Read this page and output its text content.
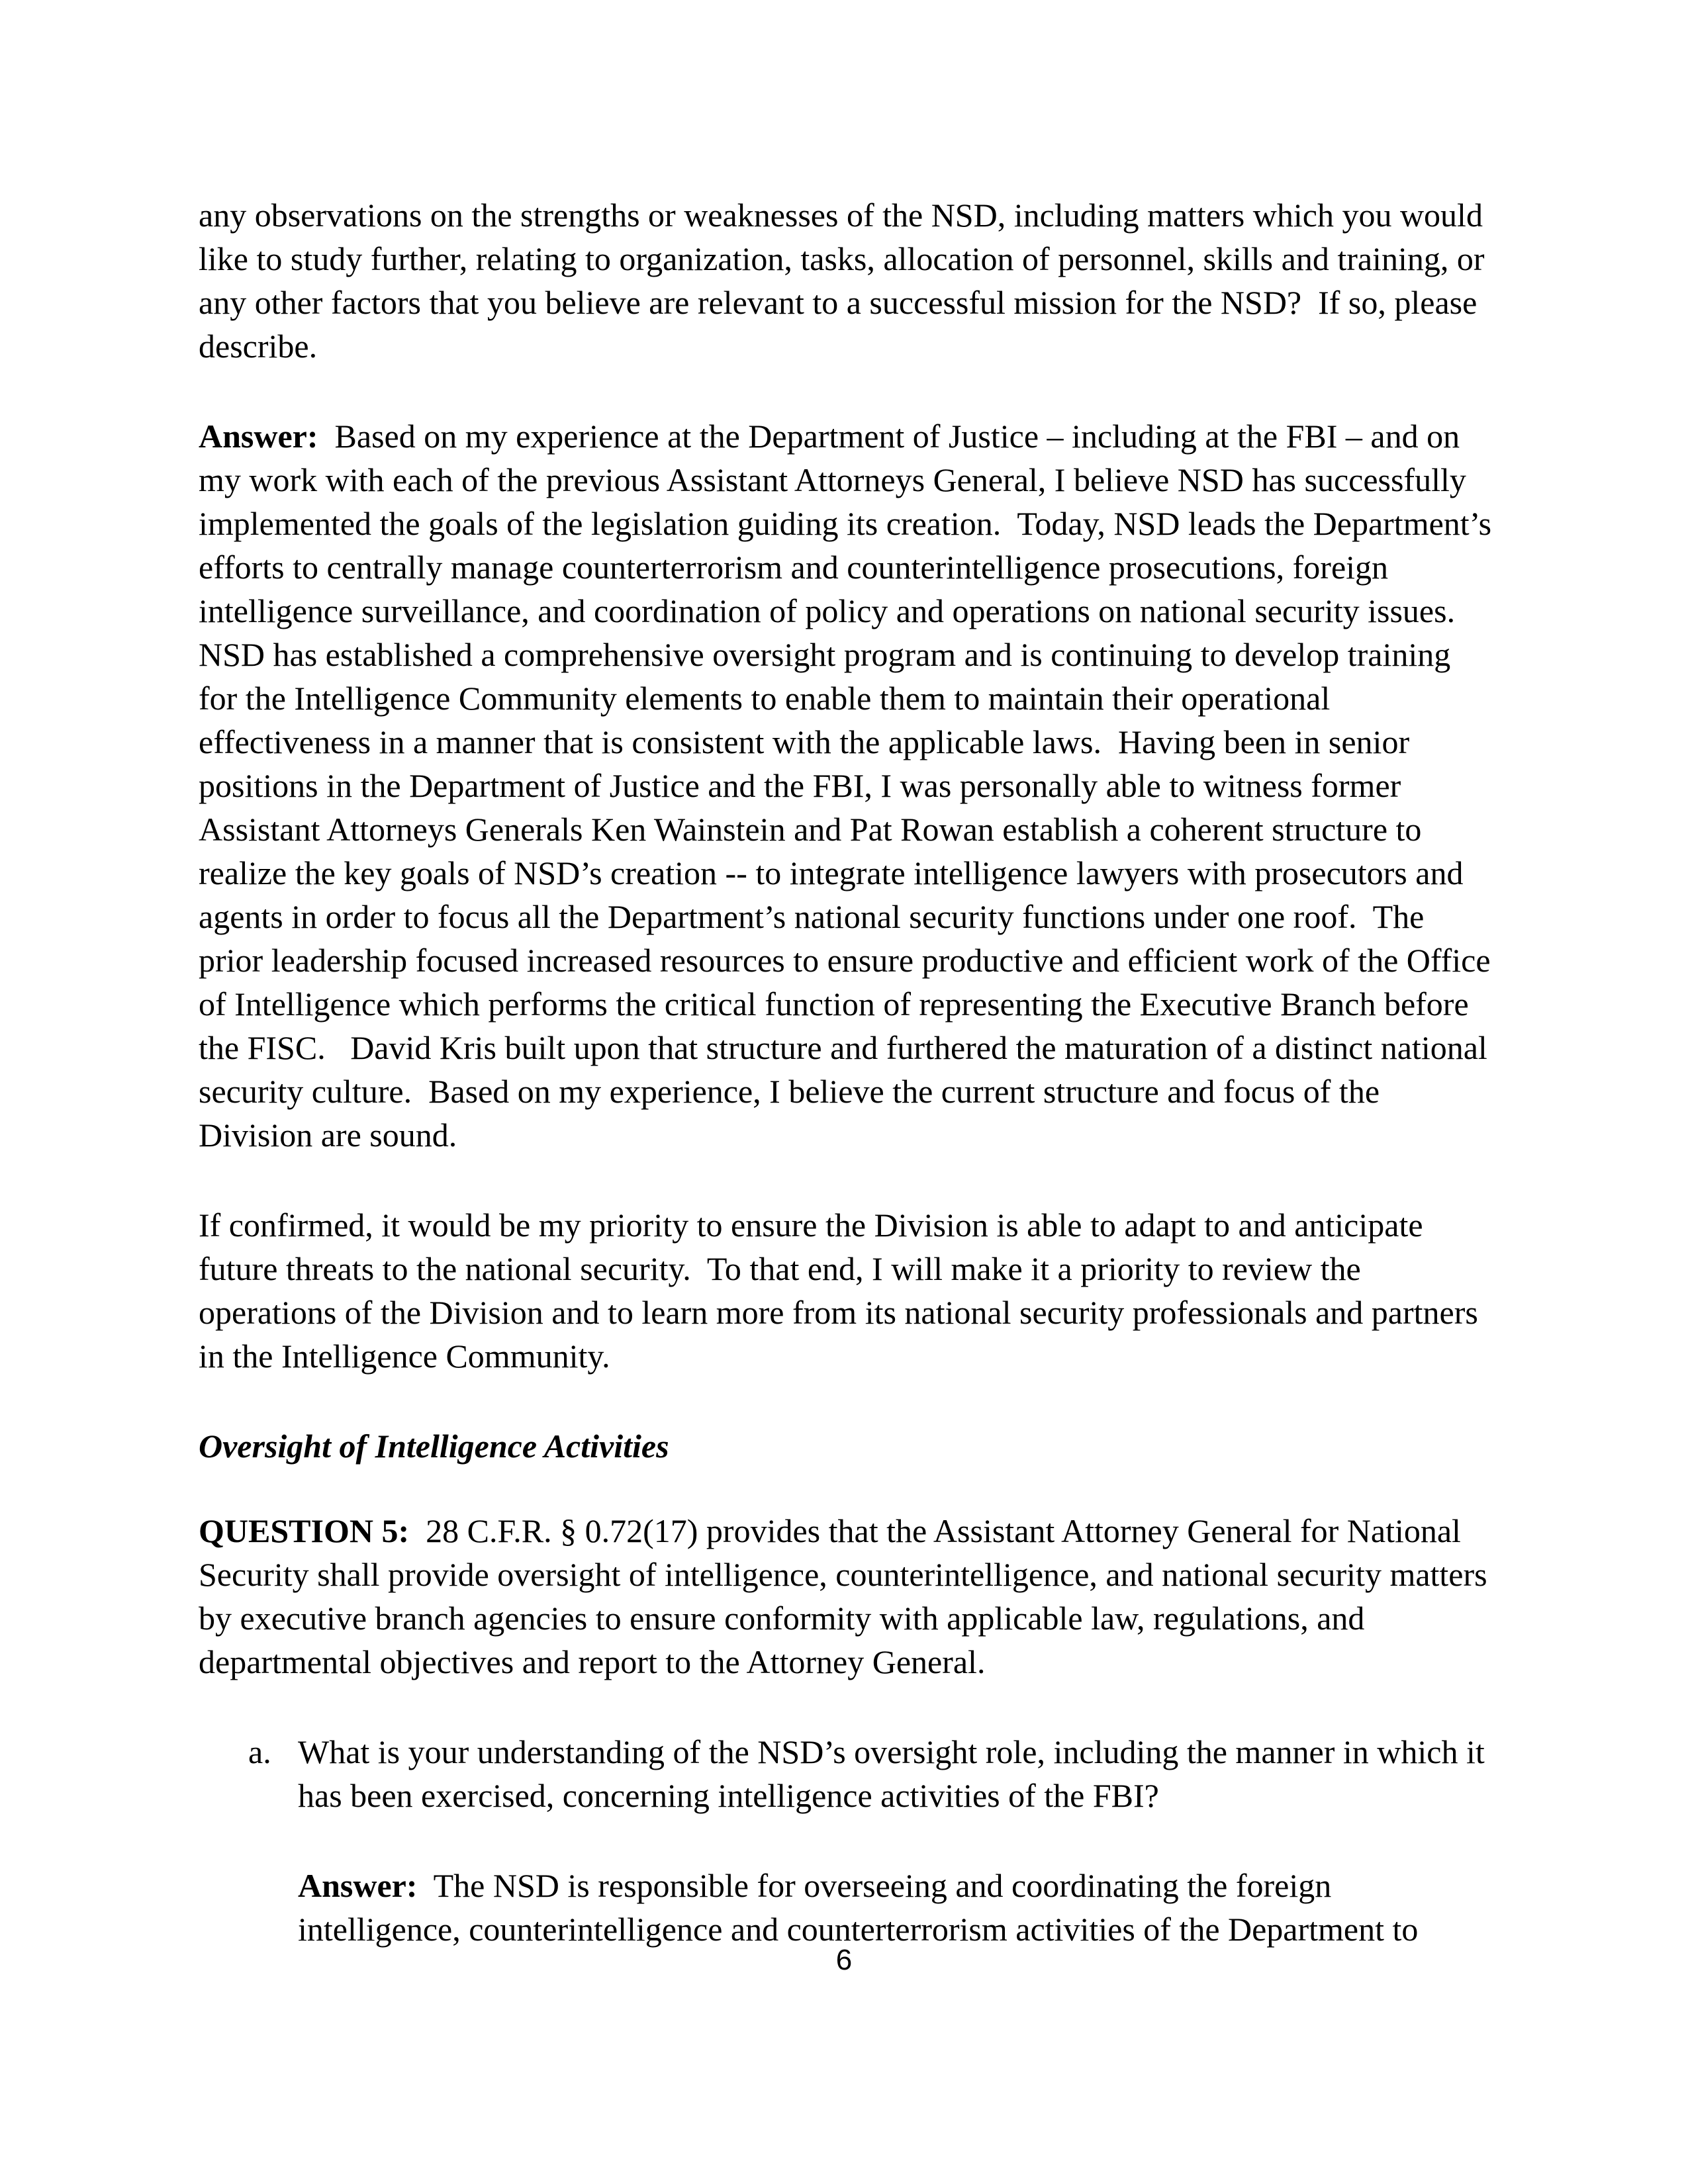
any observations on the strengths or weaknesses of the NSD, including matters which you would like to study further, relating to organization, tasks, allocation of personnel, skills and training, or any other factors that you believe are relevant to a successful mission for the NSD?  If so, please describe.

Answer:  Based on my experience at the Department of Justice – including at the FBI – and on my work with each of the previous Assistant Attorneys General, I believe NSD has successfully implemented the goals of the legislation guiding its creation.  Today, NSD leads the Department’s efforts to centrally manage counterterrorism and counterintelligence prosecutions, foreign intelligence surveillance, and coordination of policy and operations on national security issues.  NSD has established a comprehensive oversight program and is continuing to develop training for the Intelligence Community elements to enable them to maintain their operational effectiveness in a manner that is consistent with the applicable laws.  Having been in senior positions in the Department of Justice and the FBI, I was personally able to witness former Assistant Attorneys Generals Ken Wainstein and Pat Rowan establish a coherent structure to realize the key goals of NSD’s creation -- to integrate intelligence lawyers with prosecutors and agents in order to focus all the Department’s national security functions under one roof.  The prior leadership focused increased resources to ensure productive and efficient work of the Office of Intelligence which performs the critical function of representing the Executive Branch before the FISC.   David Kris built upon that structure and furthered the maturation of a distinct national security culture.  Based on my experience, I believe the current structure and focus of the Division are sound.

If confirmed, it would be my priority to ensure the Division is able to adapt to and anticipate future threats to the national security.  To that end, I will make it a priority to review the operations of the Division and to learn more from its national security professionals and partners in the Intelligence Community.

Oversight of Intelligence Activities

QUESTION 5:  28 C.F.R. § 0.72(17) provides that the Assistant Attorney General for National Security shall provide oversight of intelligence, counterintelligence, and national security matters by executive branch agencies to ensure conformity with applicable law, regulations, and departmental objectives and report to the Attorney General.

a. What is your understanding of the NSD’s oversight role, including the manner in which it has been exercised, concerning intelligence activities of the FBI?

Answer:  The NSD is responsible for overseeing and coordinating the foreign intelligence, counterintelligence and counterterrorism activities of the Department to

6
